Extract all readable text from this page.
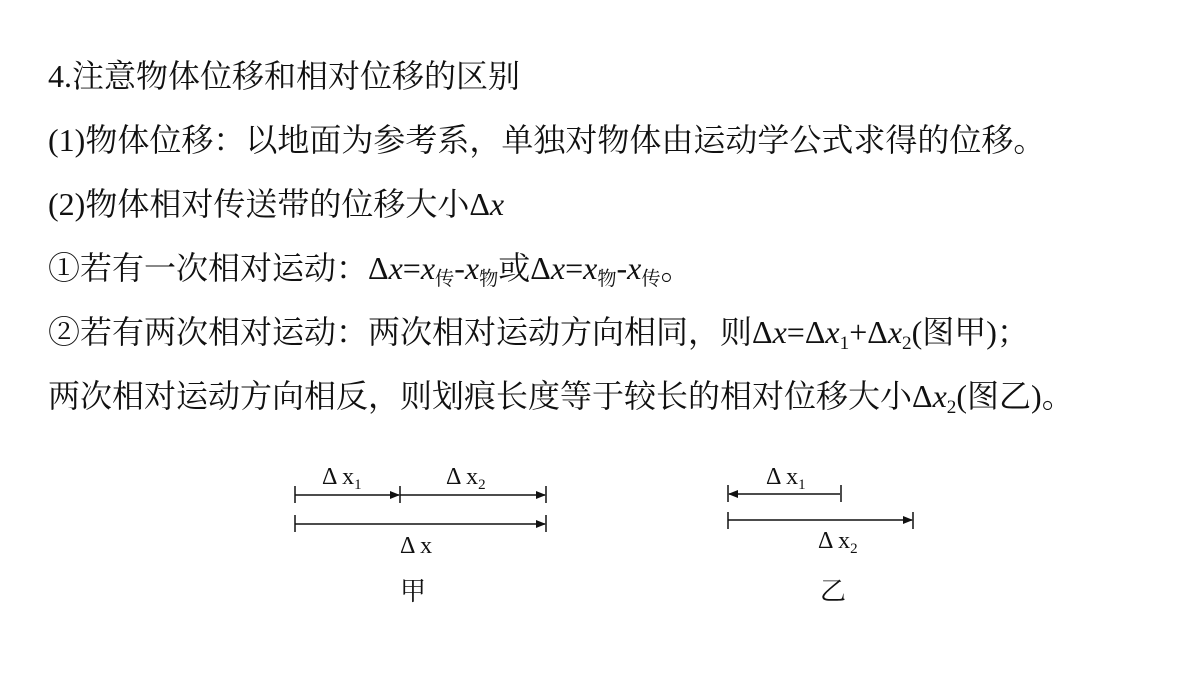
4.注意物体位移和相对位移的区别
(1)物体位移：以地面为参考系，单独对物体由运动学公式求得的位移。
(2)物体相对传送带的位移大小Δx
①若有一次相对运动：$\Delta x=x_传-x_物$或$\Delta x=x_物-x_传$。
②若有两次相对运动：两次相对运动方向相同，则$\Delta x=\Delta x_1+\Delta x_2$(图甲)；
两次相对运动方向相反，则划痕长度等于较长的相对位移大小$\Delta x_2$(图乙)。
Δ $x_1$	Δ $x_2$
Δ x
甲
Δ $x_1$
Δ $x_2$
乙
